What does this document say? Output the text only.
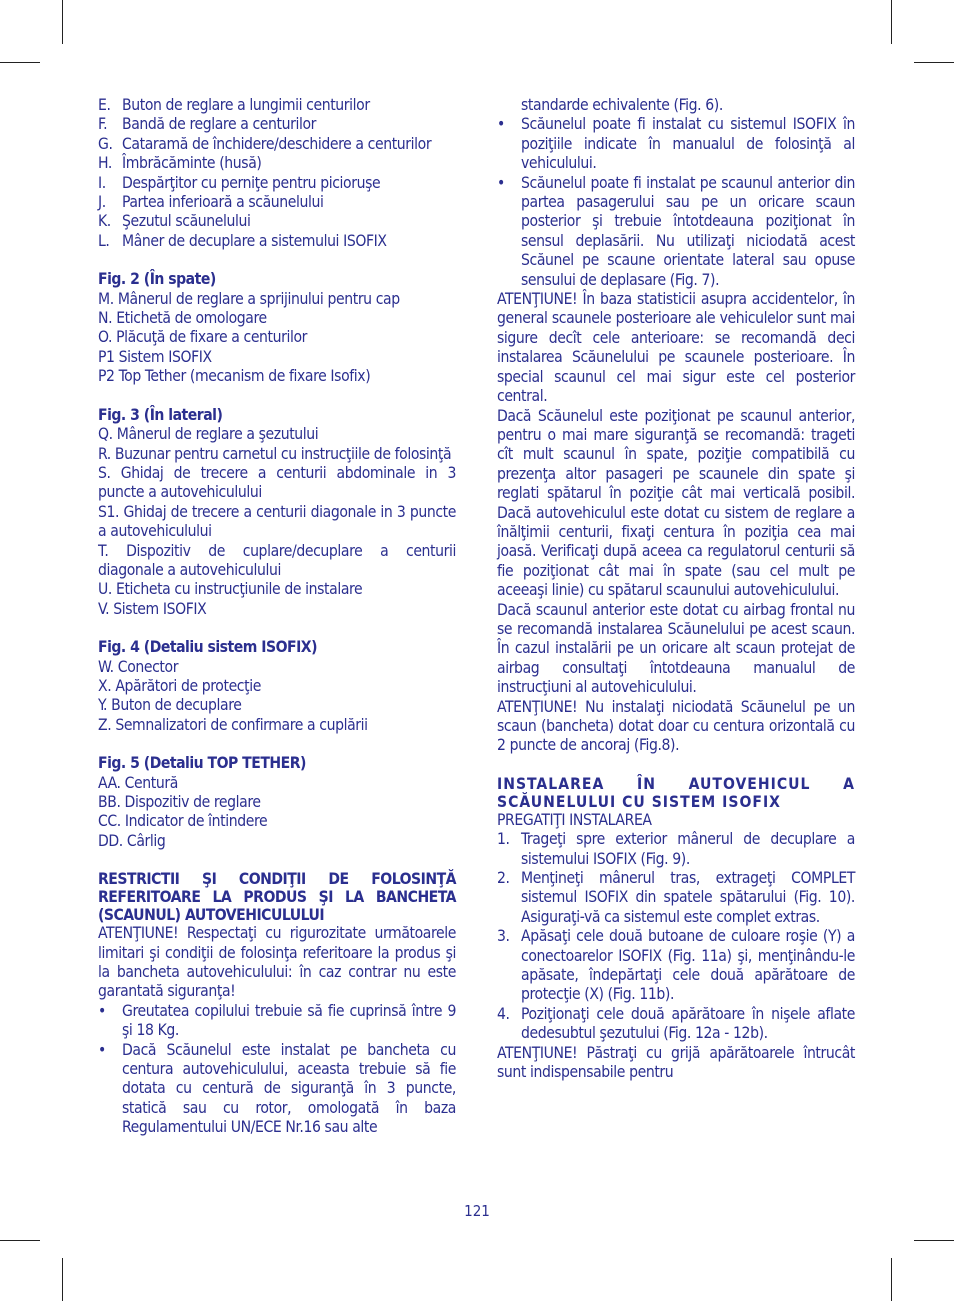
E. Buton de reglare a lungimii centurilor

F. Bandă de reglare a centurilor

G. Cataramă de închidere/deschidere a centurilor

H. Îmbrăcăminte (husă)

I. Despărţitor cu perniţe pentru picioruşe

J. Partea inferioară a scăunelului

K. Şezutul scăunelului

L. Mâner de decuplare a sistemului ISOFIX

Fig. 2 (În spate)

M. Mânerul de reglare a sprijinului pentru cap

N. Etichetă de omologare

O. Plăcuţă de fixare a centurilor

P1 Sistem ISOFIX

P2 Top Tether (mecanism de fixare Isofix)

Fig. 3 (În lateral)

Q. Mânerul de reglare a şezutului

R. Buzunar pentru carnetul cu instrucţiile de folosinţă

S. Ghidaj de trecere a centurii abdominale in 3 puncte a autovehiculului

S1. Ghidaj de trecere a centurii diagonale in 3 puncte a autovehiculului

T. Dispozitiv de cuplare/decuplare a centurii diagonale a autovehiculului

U. Eticheta cu instrucţiunile de instalare

V. Sistem ISOFIX

Fig. 4 (Detaliu sistem ISOFIX)

W. Conector

X. Apărători de protecţie

Y. Buton de decuplare

Z. Semnalizatori de confirmare a cuplării

Fig. 5 (Detaliu TOP TETHER)

AA. Centură

BB. Dispozitiv de reglare

CC. Indicator de întindere

DD. Cârlig

RESTRICTII ŞI CONDIŢII DE FOLOSINŢĂ REFERITOARE LA PRODUS ŞI LA BANCHETA (SCAUNUL) AUTOVEHICULULUI

ATENŢIUNE! Respectaţi cu rigurozitate următoarele limitari şi condiţii de folosinţa referitoare la produs şi la bancheta autovehiculului: în caz contrar nu este garantată siguranţa!

• Greutatea copilului trebuie să fie cuprinsă între 9 şi 18 Kg.

• Dacă Scăunelul este instalat pe bancheta cu centura autovehiculului, aceasta trebuie să fie dotata cu centură de siguranţă în 3 puncte, statică sau cu rotor, omologată în baza Regulamentului UN/ECE Nr.16 sau alte

standarde echivalente (Fig. 6).

• Scăunelul poate fi instalat cu sistemul ISOFIX în poziţiile indicate în manualul de folosinţă al vehiculului.

• Scăunelul poate fi instalat pe scaunul anterior din partea pasagerului sau pe un oricare scaun posterior şi trebuie întotdeauna poziţionat în sensul deplasării. Nu utilizaţi niciodată acest Scăunel pe scaune orientate lateral sau opuse sensului de deplasare (Fig. 7).

ATENŢIUNE! În baza statisticii asupra accidentelor, în general scaunele posterioare ale vehiculelor sunt mai sigure decît cele anterioare: se recomandă deci instalarea Scăunelului pe scaunele posterioare. În special scaunul cel mai sigur este cel posterior central.

Dacă Scăunelul este poziţionat pe scaunul anterior, pentru o mai mare siguranţă se recomandă: trageti cît mult scaunul în spate, poziţie compatibilă cu prezenţa altor pasageri pe scaunele din spate şi reglati spătarul în poziţie cât mai verticală posibil. Dacă autovehiculul este dotat cu sistem de reglare a înălţimii centurii, fixaţi centura în poziţia cea mai joasă. Verificaţi după aceea ca regulatorul centurii să fie poziţionat cât mai în spate (sau cel mult pe aceeaşi linie) cu spătarul scaunului autovehiculului.

Dacă scaunul anterior este dotat cu airbag frontal nu se recomandă instalarea Scăunelului pe acest scaun. În cazul instalării pe un oricare alt scaun protejat de airbag consultaţi întotdeauna manualul de instrucţiuni al autovehiculului.

ATENŢIUNE! Nu instalaţi niciodată Scăunelul pe un scaun (bancheta) dotat doar cu centura orizontală cu 2 puncte de ancoraj (Fig.8).

INSTALAREA ÎN AUTOVEHICUL A SCĂUNELULUI CU SISTEM ISOFIX

PREGATIŢI INSTALAREA

1. Trageţi spre exterior mânerul de decuplare a sistemului ISOFIX (Fig. 9).

2. Menţineţi mânerul tras, extrageţi COMPLET sistemul ISOFIX din spatele spătarului (Fig. 10). Asiguraţi-vă ca sistemul este complet extras.

3. Apăsaţi cele două butoane de culoare roşie (Y) a conectoarelor ISOFIX (Fig. 11a) şi, menţinându-le apăsate, îndepărtaţi cele două apărătoare de protecţie (X) (Fig. 11b).

4. Poziţionaţi cele două apărătoare în nişele aflate dedesubtul şezutului (Fig. 12a - 12b).

ATENŢIUNE! Păstraţi cu grijă apărătoarele întrucât sunt indispensabile pentru

121
